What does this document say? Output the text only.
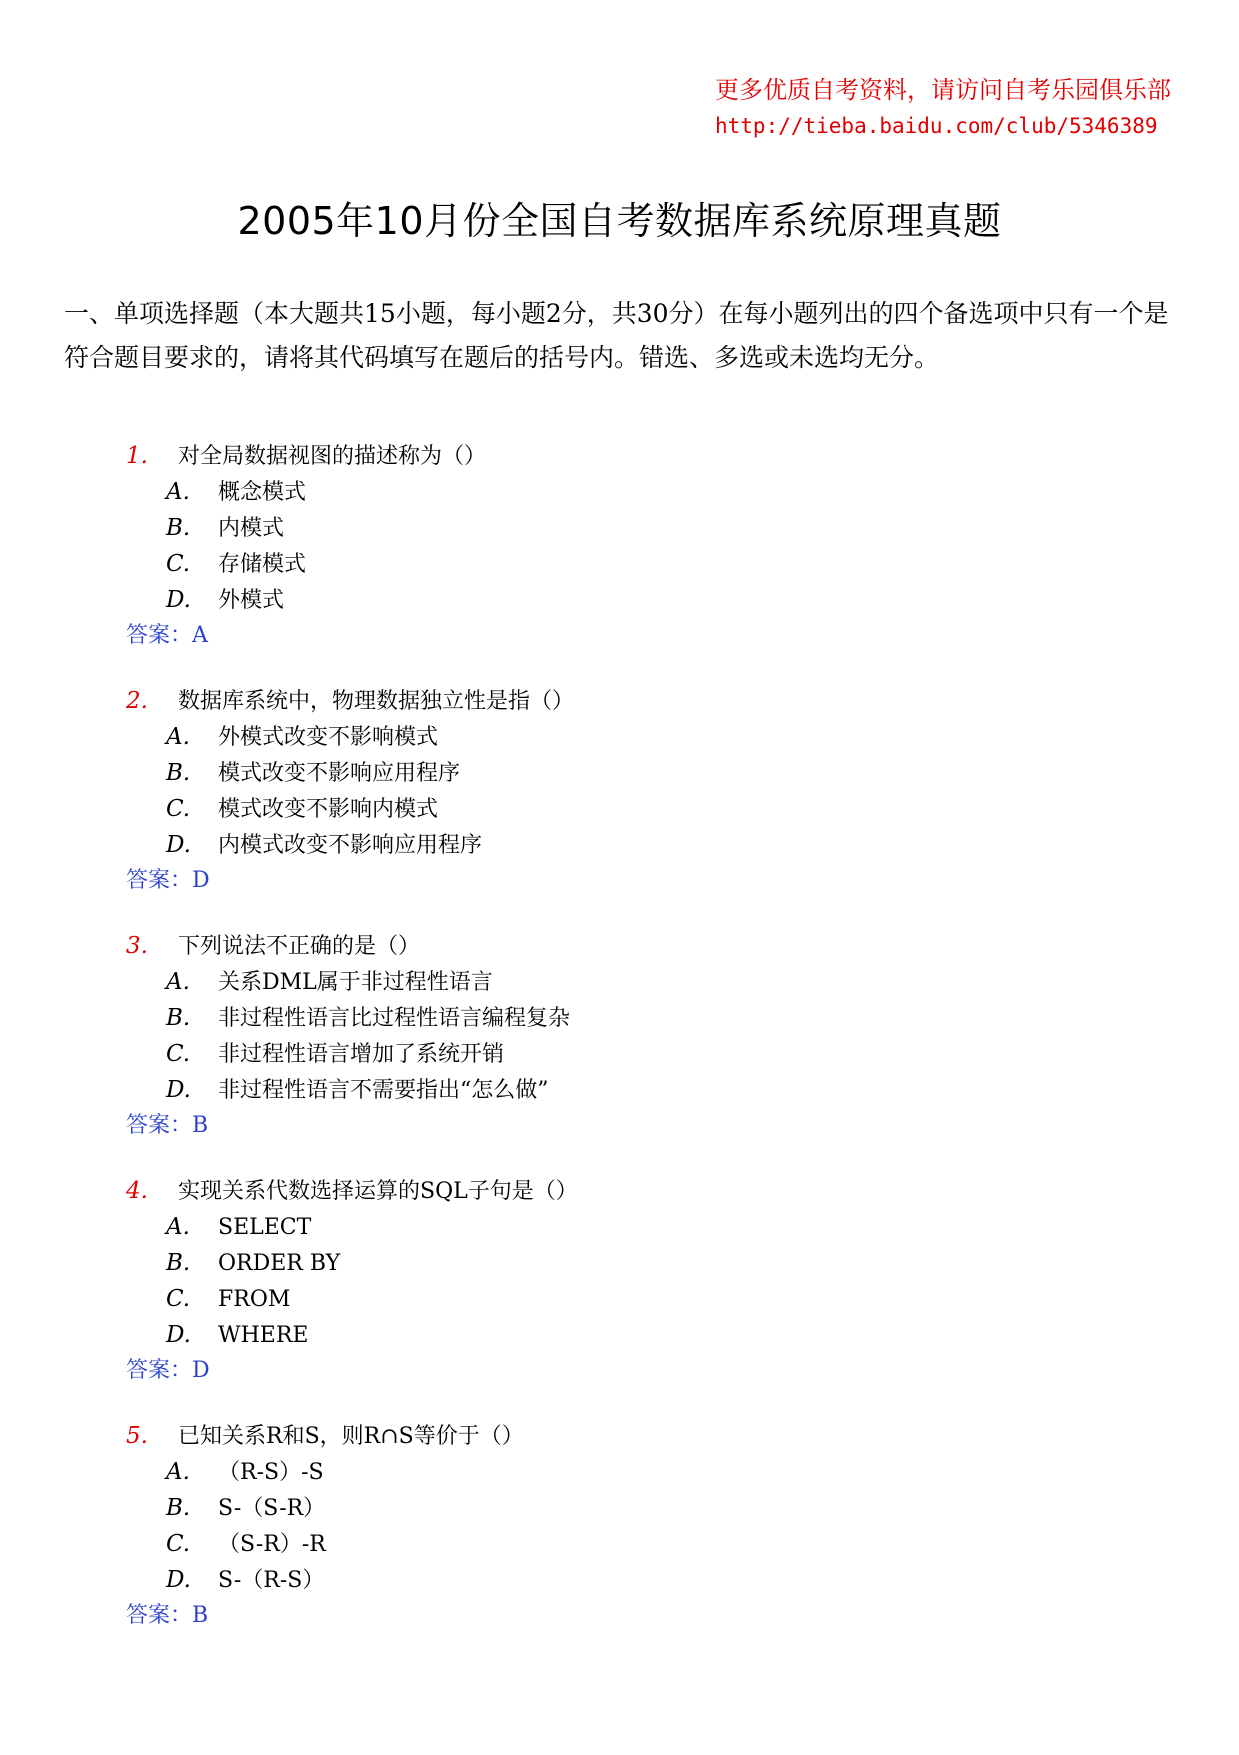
更多优质自考资料，请访问自考乐园俱乐部
http://tieba.baidu.com/club/5346389
2005年10月份全国自考数据库系统原理真题

一、单项选择题（本大题共15小题，每小题2分，共30分）在每小题列出的四个备选项中只有一个是符合题目要求的，请将其代码填写在题后的括号内。错选、多选或未选均无分。

1. 对全局数据视图的描述称为（）
A. 概念模式
B. 内模式
C. 存储模式
D. 外模式
答案：A
2. 数据库系统中，物理数据独立性是指（）
A. 外模式改变不影响模式
B. 模式改变不影响应用程序
C. 模式改变不影响内模式
D. 内模式改变不影响应用程序
答案：D
3. 下列说法不正确的是（）
A. 关系DML属于非过程性语言
B. 非过程性语言比过程性语言编程复杂
C. 非过程性语言增加了系统开销
D. 非过程性语言不需要指出“怎么做”
答案：B
4. 实现关系代数选择运算的SQL子句是（）
A. SELECT
B. ORDER BY
C. FROM
D. WHERE
答案：D
5. 已知关系R和S，则R∩S等价于（）
A. （R-S）-S
B. S-（S-R）
C. （S-R）-R
D. S-（R-S）
答案：B
